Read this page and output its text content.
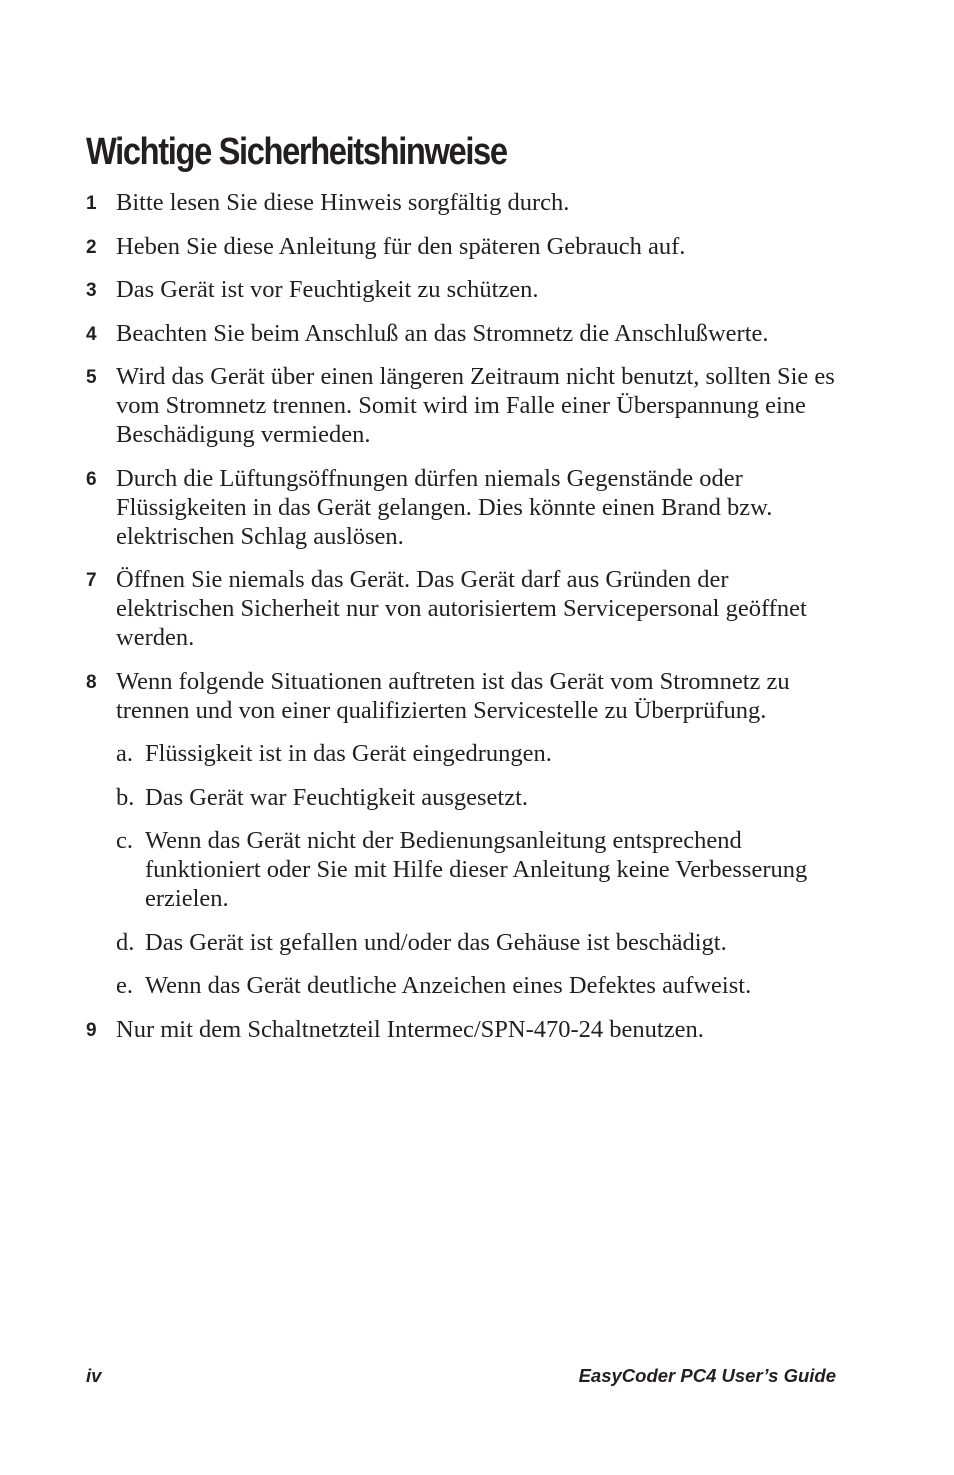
Wichtige Sicherheitshinweise
1 Bitte lesen Sie diese Hinweis sorgfältig durch.
2 Heben Sie diese Anleitung für den späteren Gebrauch auf.
3 Das Gerät ist vor Feuchtigkeit zu schützen.
4 Beachten Sie beim Anschluß an das Stromnetz die Anschlußwerte.
5 Wird das Gerät über einen längeren Zeitraum nicht benutzt, sollten Sie es vom Stromnetz trennen. Somit wird im Falle einer Überspannung eine Beschädigung vermieden.
6 Durch die Lüftungsöffnungen dürfen niemals Gegenstände oder Flüssigkeiten in das Gerät gelangen. Dies könnte einen Brand bzw. elektrischen Schlag auslösen.
7 Öffnen Sie niemals das Gerät. Das Gerät darf aus Gründen der elektrischen Sicherheit nur von autorisiertem Servicepersonal geöffnet werden.
8 Wenn folgende Situationen auftreten ist das Gerät vom Stromnetz zu trennen und von einer qualifizierten Servicestelle zu Überprüfung.
a. Flüssigkeit ist in das Gerät eingedrungen.
b. Das Gerät war Feuchtigkeit ausgesetzt.
c. Wenn das Gerät nicht der Bedienungsanleitung entsprechend funktioniert oder Sie mit Hilfe dieser Anleitung keine Verbesserung erzielen.
d. Das Gerät ist gefallen und/oder das Gehäuse ist beschädigt.
e. Wenn das Gerät deutliche Anzeichen eines Defektes aufweist.
9 Nur mit dem Schaltnetzteil Intermec/SPN-470-24 benutzen.
iv	EasyCoder PC4 User’s Guide
